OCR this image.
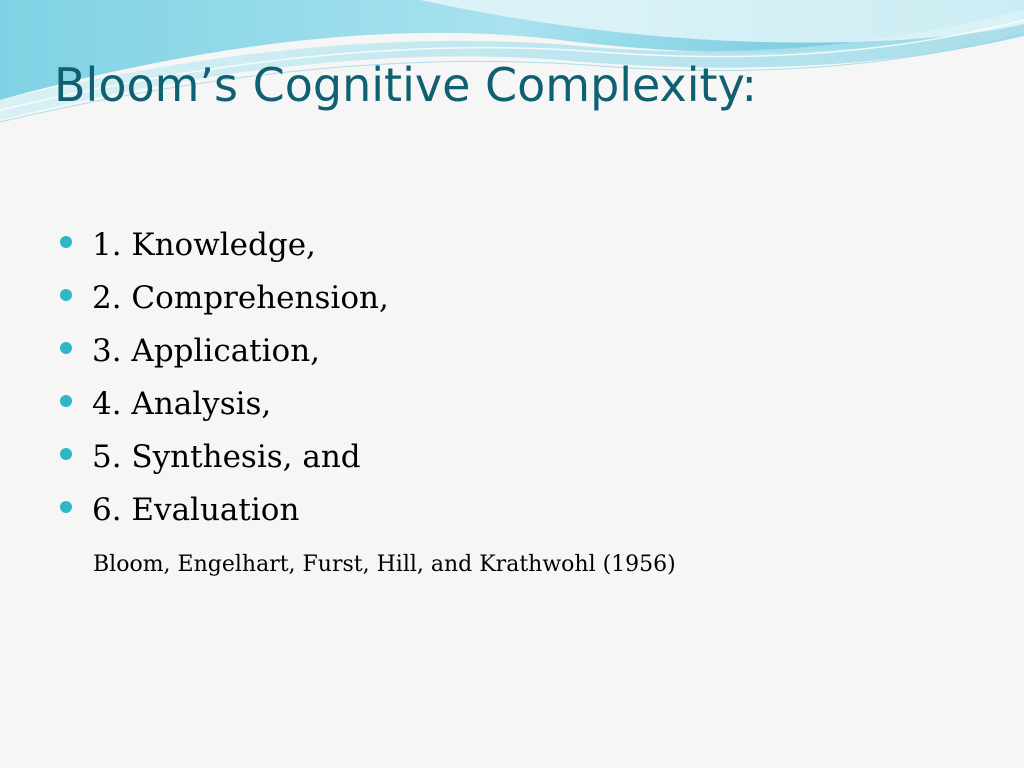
Bloom’s Cognitive Complexity:
1. Knowledge,
2. Comprehension,
3. Application,
4. Analysis,
5. Synthesis, and
6. Evaluation

Bloom, Engelhart, Furst, Hill, and Krathwohl (1956)
